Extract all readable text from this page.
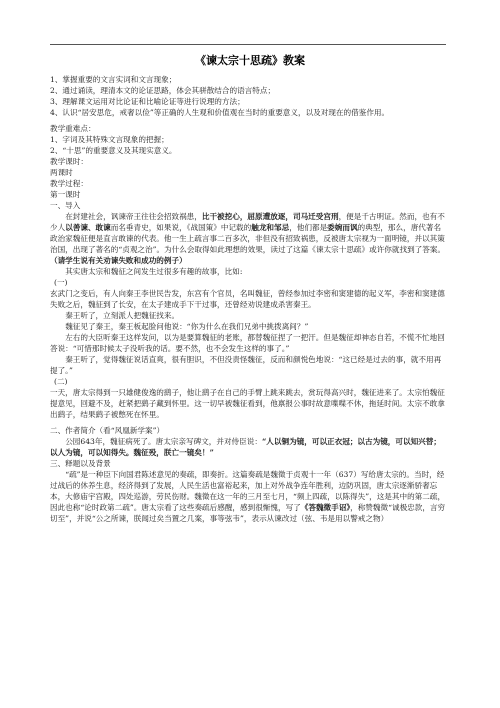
《谏太宗十思疏》教案

1、掌握重要的文言实词和文言现象；

2、通过诵读，理清本文的论证思路，体会其骈散结合的语言特点；

3、理解课文运用对比论证和比喻论证等进行说理的方法；

4、认识“居安思危，戒奢以俭”等正确的人生观和价值观在当时的重要意义，以及对现在的借鉴作用。

教学重难点：

1、字词及其特殊文言现象的把握；

2、“十思”的重要意义及其现实意义。

教学课时：

两课时

教学过程：

第一课时

一、导入

在封建社会，讽谏帝王往往会招致祸患，比干被挖心，屈原遭放逐，司马迁受宫刑，便是千古明证。然而，也有不少人以善谏、敢谏而名垂青史，如果说，《战国策》中记载的触龙和邹忌，他们都是委婉而讽的典型，那么，唐代著名政治家魏征便是直言敢谏的代表。他一生上疏言事二百多次，非但没有招致祸患，反被唐太宗视为一面明镜，并以其策治国，出现了著名的“贞观之治”。为什么会取得如此理想的效果，读过了这篇《谏太宗十思疏》或许你就找到了答案。（请学生说有关劝谏失败和成功的例子）

其实唐太宗和魏征之间发生过很多有趣的故事，比如:

(一)

玄武门之变后，有人向秦王李世民告发，东宫有个官员，名叫魏征，曾经参加过李密和窦建德的起义军，李密和窦建德失败之后，魏征到了长安，在太子建成手下干过事，还曾经劝说建成杀害秦王。

秦王听了，立刻派人把魏征找来。

魏征见了秦王，秦王板起脸问他说：“你为什么在我们兄弟中挑拨离间？”

左右的大臣听秦王这样发问，以为是要算魏征的老账，都替魏征捏了一把汗。但是魏征却神态自若，不慌不忙地回答说：“可惜那时候太子没听我的话。要不然，也不会发生这样的事了。”

秦王听了，觉得魏征说话直爽，很有胆识，不但没责怪魏征，反而和颜悦色地说：“这已经是过去的事，就不用再提了。”

(二)

一天，唐太宗得到一只雄健俊逸的鹞子，他让鹞子在自己的手臂上跳来跳去，赏玩得高兴时，魏征进来了。太宗怕魏征提意见，回避不及，赶紧把鹞子藏到怀里。这一切早被魏征看到，他禀报公事时故意喋喋不休，拖延时间。太宗不敢拿出鹞子，结果鹞子被憋死在怀里。

二、作者简介（看“风凰新学案”）

公园643年，魏征病死了。唐太宗亲写碑文，并对侍臣说：“人以铜为镜，可以正衣冠；以古为镜，可以知兴替；以人为镜，可以知得失。魏征殁，朕亡一镜矣！”

三、释题以及背景

“疏”是一种臣下向国君陈述意见的奏疏，即奏折。这篇奏疏是魏徵于贞观十一年（637）写给唐太宗的。当时，经过战后的休养生息，经济得到了发展，人民生活也富裕起来，加上对外战争连年胜利，边防巩固，唐太宗逐渐骄奢忘本，大修庙宇宫殿，四处巡游，劳民伤财。魏徵在这一年的三月至七月，“频上四疏，以陈得失”，这是其中的第二疏，因此也称“论时政第二疏”。唐太宗看了这些奏疏后感醒，感到很惭愧，写了《答魏徵手诏》，称赞魏徵“诚极忠款，言穷切至”，并说“公之所谏，朕闻过矣当置之几案，事等弦韦”，表示从谏改过（弦、韦是用以警戒之物）
